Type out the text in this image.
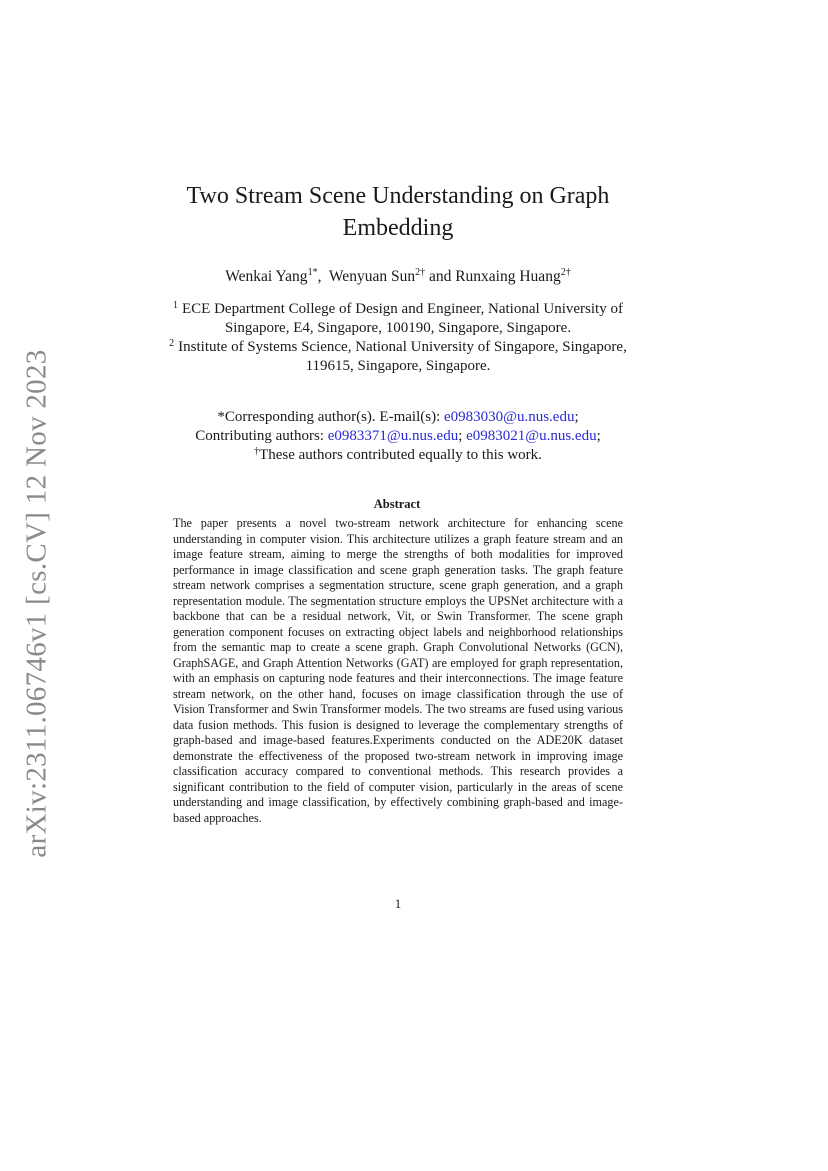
arXiv:2311.06746v1 [cs.CV] 12 Nov 2023
Two Stream Scene Understanding on Graph Embedding
Wenkai Yang$^{1*}$,  Wenyuan Sun$^{2\dagger}$ and Runxaing Huang$^{2\dagger}$
$^1$ ECE Department College of Design and Engineer, National University of Singapore, E4, Singapore, 100190, Singapore, Singapore.
$^2$ Institute of Systems Science, National University of Singapore, Singapore, 119615, Singapore, Singapore.
*Corresponding author(s). E-mail(s): e0983030@u.nus.edu;
Contributing authors: e0983371@u.nus.edu; e0983021@u.nus.edu;
†These authors contributed equally to this work.
Abstract

The paper presents a novel two-stream network architecture for enhancing scene understanding in computer vision. This architecture utilizes a graph feature stream and an image feature stream, aiming to merge the strengths of both modalities for improved performance in image classification and scene graph generation tasks. The graph feature stream network comprises a segmentation structure, scene graph generation, and a graph representation module. The segmentation structure employs the UPSNet architecture with a backbone that can be a residual network, Vit, or Swin Transformer. The scene graph generation component focuses on extracting object labels and neighborhood relationships from the semantic map to create a scene graph. Graph Convolutional Networks (GCN), GraphSAGE, and Graph Attention Networks (GAT) are employed for graph representation, with an emphasis on capturing node features and their interconnections. The image feature stream network, on the other hand, focuses on image classification through the use of Vision Transformer and Swin Transformer models. The two streams are fused using various data fusion methods. This fusion is designed to leverage the complementary strengths of graph-based and image-based features.Experiments conducted on the ADE20K dataset demonstrate the effectiveness of the proposed two-stream network in improving image classification accuracy compared to conventional methods. This research provides a significant contribution to the field of computer vision, particularly in the areas of scene understanding and image classification, by effectively combining graph-based and image-based approaches.

1
